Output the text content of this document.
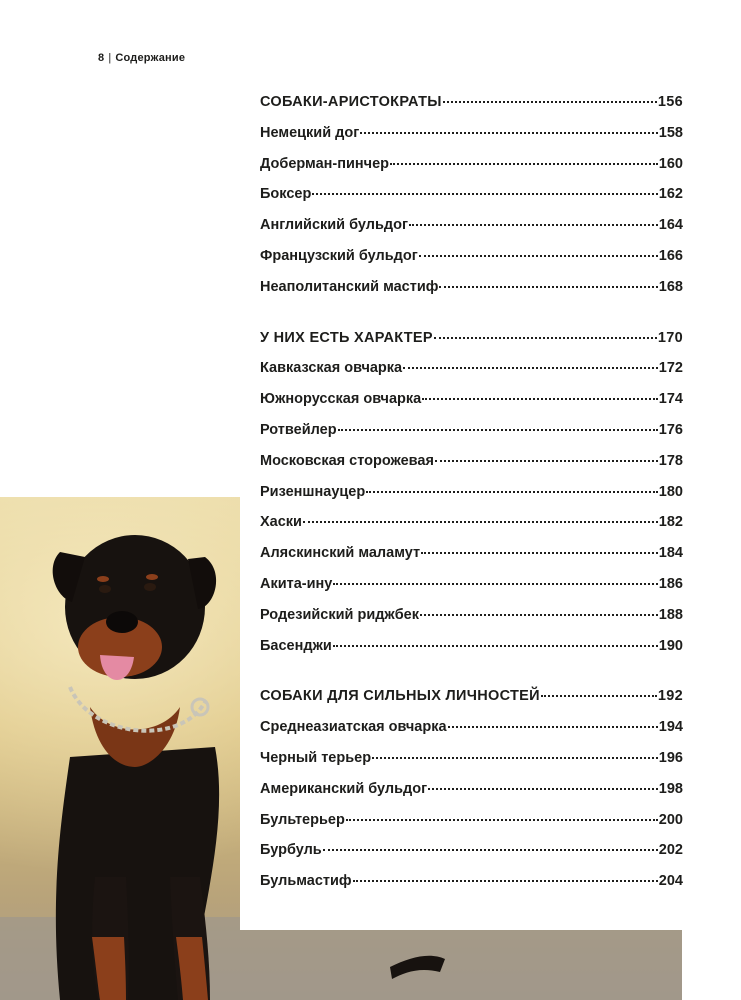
8 | Содержание
СОБАКИ-АРИСТОКРАТЫ	156
Немецкий дог	158
Доберман-пинчер	160
Боксер	162
Английский бульдог	164
Французский бульдог	166
Неаполитанский мастиф	168
У НИХ ЕСТЬ ХАРАКТЕР	170
Кавказская овчарка	172
Южнорусская овчарка	174
Ротвейлер	176
Московская сторожевая	178
Ризеншнауцер	180
Хаски	182
Аляскинский маламут	184
Акита-ину	186
Родезийский риджбек	188
Басенджи	190
СОБАКИ ДЛЯ СИЛЬНЫХ ЛИЧНОСТЕЙ	192
Среднеазиатская овчарка	194
Черный терьер	196
Американский бульдог	198
Бультерьер	200
Бурбуль	202
Бульмастиф	204
